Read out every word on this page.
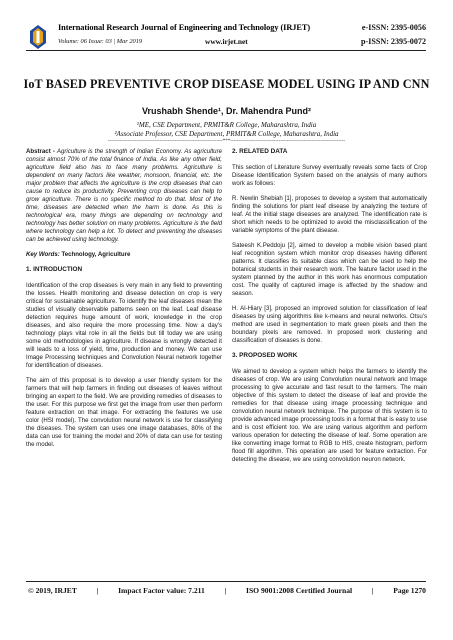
International Research Journal of Engineering and Technology (IRJET)	e-ISSN: 2395-0056
Volume: 06 Issue: 03 | Mar 2019	www.irjet.net	p-ISSN: 2395-0072
IoT BASED PREVENTIVE CROP DISEASE MODEL USING IP AND CNN
Vrushabh Shende¹, Dr. Mahendra Pund²
¹ME, CSE Department, PRMIT&R College, Maharashtra, India
²Associate Professor, CSE Department, PRMIT&R College, Maharashtra, India
---------------------------------------------------------------------***---------------------------------------------------------------------

Abstract - Agriculture is the strength of Indian Economy. As agriculture consist almost 70% of the total finance of India. As like any other field, agriculture field also has to face many problems. Agriculture is dependent on many factors like weather, monsoon, financial, etc. the major problem that affects the agriculture is the crop diseases that can cause to reduce its productivity. Preventing crop diseases can help to grow agriculture. There is no specific method to do that. Most of the time, diseases are detected when the harm is done. As this is technological era, many things are depending on technology and technology has better solution on many problems. Agriculture is the field where technology can help a lot. To detect and preventing the diseases can be achieved using technology.

Key Words: Technology, Agriculture

1. INTRODUCTION

Identification of the crop diseases is very main in any field to preventing the losses. Health monitoring and disease detection on crop is very critical for sustainable agriculture. To identify the leaf diseases mean the studies of visually observable patterns seen on the leaf. Leaf disease detection requires huge amount of work, knowledge in the crop diseases, and also require the more processing time. Now a day's technology plays vital role in all the fields but till today we are using some old methodologies in agriculture. If disease is wrongly detected it will leads to a loss of yield, time, production and money. We can use Image Processing techniques and Convolution Neural network together for identification of diseases.

The aim of this proposal is to develop a user friendly system for the farmers that will help farmers in finding out diseases of leaves without bringing an expert to the field. We are providing remedies of diseases to the user. For this purpose we first get the image from user then perform feature extraction on that image. For extracting the features we use color (HSI model). The convolution neural network is use for classifying the diseases. The system can uses one image databases, 80% of the data can use for training the model and 20% of data can use for testing the model.

2. RELATED DATA

This section of Literature Survey eventually reveals some facts of Crop Disease Identification System based on the analysis of many authors work as follows:

R. Newlin Shebiah [1], proposes to develop a system that automatically finding the solutions for plant leaf disease by analyzing the texture of leaf. At the initial stage diseases are analyzed. The identification rate is short which needs to be optimized to avoid the misclassification of the variable symptoms of the plant disease.

Sateesh K.Peddoju [2], aimed to develop a mobile vision based plant leaf recognition system which monitor crop diseases having different patterns. It classifies its suitable class which can be used to help the botanical students in their research work. The feature factor used in the system planned by the author in this work has enormous computation cost. The quality of captured image is affected by the shadow and season.

H. Al-Hiary [3], proposed an improved solution for classification of leaf diseases by using algorithms like k-means and neural networks. Otsu's method are used in segmentation to mark green pixels and then the boundary pixels are removed. In proposed work clustering and classification of diseases is done.

3. PROPOSED WORK

We aimed to develop a system which helps the farmers to identify the diseases of crop. We are using Convolution neural network and Image processing to give accurate and fast result to the farmers. The main objective of this system to detect the disease of leaf and provide the remedies for that disease using image processing technique and convolution neural network technique. The purpose of this system is to provide advanced image processing tools in a format that is easy to use and is cost efficient too. We are using various algorithm and perform various operation for detecting the disease of leaf. Some operation are like converting image format to RGB to HIS, create histogram, perform flood fill algorithm. This operation are used for feature extraction. For detecting the disease, we are using convolution neuron network.

© 2019, IRJET	|	Impact Factor value: 7.211	|	ISO 9001:2008 Certified Journal	|	Page 1270
